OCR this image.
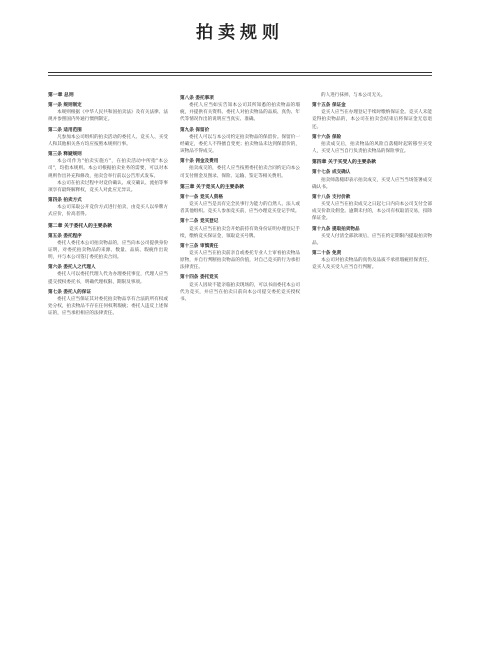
拍卖规则
第一章 总则
第一条 规则制定
本规则根据《中华人民共和国拍卖法》及有关法律、法规并参照国内外通行惯例制定。
第二条 适用范围
凡参加本公司组织的拍卖活动的委托人、竞买人、买受人和其他相关各方均应按照本规则行事。
第三条 释疑规则
本公司作为"拍卖实施方"，在拍卖活动中所指"本公司"，均指本规则。本公司根据拍卖业务的需要，可以对本规则作出补充和修改，拍卖会举行前以公告形式发布。
本公司在拍卖过程中对竞价确认、成交确认、流拍等事项享有最终解释权，竞买人对此应无异议。
第四条 拍卖方式
本公司采取公开竞价方式进行拍卖，由竞买人以举牌方式应价，价高者得。
第二章 关于委托人的主要条款
第五条 委托程序
委托人委托本公司拍卖物品的，应当向本公司提供身份证明，对委托拍卖物品的来源、数量、品质、瑕疵作出说明，并与本公司签订委托拍卖合同。
第六条 委托人之代理人
委托人可以委托代理人代为办理委托事宜，代理人应当提交授权委托书，明确代理权限、期限及事项。
第七条 委托人的保证
委托人应当保证其对委托拍卖物品享有合法的所有权或处分权，拍卖物品不存在任何权利瑕疵；委托人违反上述保证的，应当承担相应的法律责任。
第八条 委托事项
委托人应当如实告知本公司其所知悉的拍卖物品的瑕疵，并提供有关资料。委托人对拍卖物品的品质、真伪、年代等情况作出的说明应当真实、准确。
第九条 保留价
委托人可以与本公司约定拍卖物品的保留价。保留价一经确定，委托人不得擅自变更；拍卖物品未达到保留价的，该物品不得成交。
第十条 佣金及费用
拍卖成交的，委托人应当按照委托拍卖合同约定向本公司支付佣金及图录、保险、运输、鉴定等相关费用。
第三章 关于竞买人的主要条款
第十一条 竞买人资格
竞买人应当是具有完全民事行为能力的自然人、法人或者其他组织。竞买人参加竞买前，应当办理竞买登记手续。
第十二条 竞买登记
竞买人应当在拍卖会开始前持有效身份证明办理登记手续，缴纳竞买保证金，领取竞买号牌。
第十三条 审慎责任
竞买人应当在拍卖前亲自或委托专业人士审看拍卖物品原物，并自行判断拍卖物品的价值，对自己竞买的行为承担法律责任。
第十四条 委托竞买
竞买人因故不能亲临拍卖现场的，可以书面委托本公司代为竞买，并应当在拍卖日前向本公司提交委托竞买授权书。
的人进行抹掉，与本公司无关。
第十五条 保证金
竞买人应当在办理登记手续时缴纳保证金。竞买人未能竞得拍卖物品的，本公司在拍卖会结束后将保证金无息退还。
第十六条 保险
拍卖成交后，拍卖物品的风险自落槌时起转移至买受人，买受人应当自行负责拍卖物品的保险事宜。
第四章 关于买受人的主要条款
第十七条 成交确认
拍卖师落槌即表示拍卖成交，买受人应当当场签署成交确认书。
第十八条 支付价款
买受人应当在拍卖成交之日起七日内向本公司支付全部成交价款及佣金。逾期未付的，本公司有权取消交易，扣除保证金。
第十九条 提取拍卖物品
买受人付清全部款项后，应当在约定期限内提取拍卖物品。
第二十条 免责
本公司对拍卖物品的真伪及品质不承担瑕疵担保责任，竞买人及买受人应当自行判断。
